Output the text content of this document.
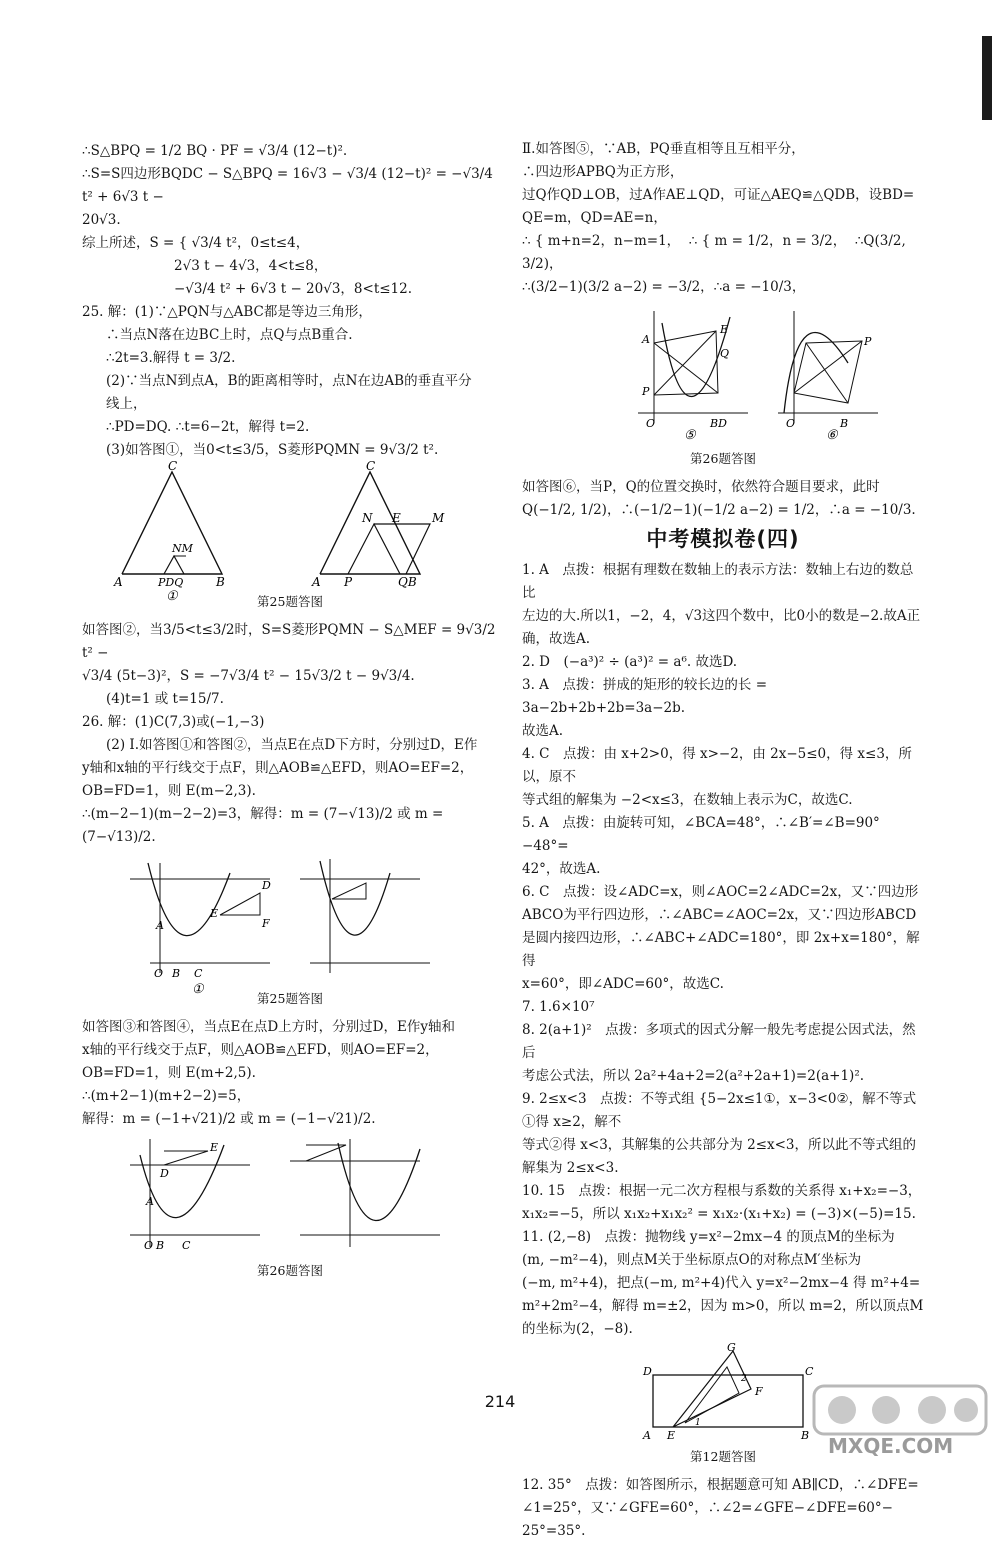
∴S△BPQ = 1/2 BQ · PF = √3/4 (12−t)².

∴S=S四边形BQDC − S△BPQ = 16√3 − √3/4 (12−t)² = −√3/4 t² + 6√3 t −

20√3.

综上所述，S = { √3/4 t²，0≤t≤4，

2√3 t − 4√3，4<t≤8，

−√3/4 t² + 6√3 t − 20√3，8<t≤12.

25. 解：(1)∵△PQN与△ABC都是等边三角形，

∴当点N落在边BC上时，点Q与点B重合.

∴2t=3.解得 t = 3/2.

(2)∵当点N到点A，B的距离相等时，点N在边AB的垂直平分

线上，

∴PD=DQ. ∴t=6−2t，解得 t=2.

(3)如答图①，当0<t≤3/5，S菱形PQMN = 9√3/2 t².

A
C
B
PDQ
NM
①
A P	QB
C
M
N E
第25题答图

如答图②，当3/5<t≤3/2时，S=S菱形PQMN − S△MEF = 9√3/2 t² −

√3/4 (5t−3)²，S = −7√3/4 t² − 15√3/2 t − 9√3/4.

(4)t=1 或 t=15/7.

26. 解：(1)C(7,3)或(−1,−3)

(2) Ⅰ.如答图①和答图②，当点E在点D下方时，分别过D，E作

y轴和x轴的平行线交于点F，則△AOB≌△EFD，则AO=EF=2，

OB=FD=1，则 E(m−2,3).

∴(m−2−1)(m−2−2)=3，解得：m = (7−√13)/2 或 m = (7−√13)/2.

O B C
A
D
E
F
①
第25题答图

如答图③和答图④，当点E在点D上方时，分别过D，E作y轴和

x轴的平行线交于点F，则△AOB≌△EFD，则AO=EF=2，

OB=FD=1，则 E(m+2,5).

∴(m+2−1)(m+2−2)=5，

解得：m = (−1+√21)/2 或 m = (−1−√21)/2.

O B C
A
D
E
第26题答图

Ⅱ.如答图⑤，∵AB，PQ垂直相等且互相平分，

∴四边形APBQ为正方形，

过Q作QD⊥OB，过A作AE⊥QD，可证△AEQ≌△QDB，设BD=

QE=m，QD=AE=n，

∴ { m+n=2，n−m=1，  ∴ { m = 1/2，n = 3/2，  ∴Q(3/2, 3/2)，

∴(3/2−1)(3/2 a−2) = −3/2，∴a = −10/3，

O	BD
A
P
E
Q
⑤
O	B
P
⑥
第26题答图

如答图⑥，当P，Q的位置交换时，依然符合题目要求，此时

Q(−1/2, 1/2)，∴(−1/2−1)(−1/2 a−2) = 1/2，∴a = −10/3.

中考模拟卷(四)

1. A　点拨：根据有理数在数轴上的表示方法：数轴上右边的数总比

左边的大.所以1，−2，4，√3这四个数中，比0小的数是−2.故A正确，故选A.

2. D　(−a³)² ÷ (a³)² = a⁶. 故选D.

3. A　点拨：拼成的矩形的较长边的长 = 3a−2b+2b+2b=3a−2b.

故选A.

4. C　点拨：由 x+2>0，得 x>−2，由 2x−5≤0，得 x≤3，所以，原不

等式组的解集为 −2<x≤3，在数轴上表示为C，故选C.

5. A　点拨：由旋转可知，∠BCA=48°，∴∠B′=∠B=90°−48°=

42°，故选A.

6. C　点拨：设∠ADC=x，则∠AOC=2∠ADC=2x，又∵四边形

ABCO为平行四边形，∴∠ABC=∠AOC=2x，又∵四边形ABCD

是圆内接四边形，∴∠ABC+∠ADC=180°，即 2x+x=180°，解得

x=60°，即∠ADC=60°，故选C.

7. 1.6×10⁷

8. 2(a+1)²　点拨：多项式的因式分解一般先考虑提公因式法，然后

考虑公式法，所以 2a²+4a+2=2(a²+2a+1)=2(a+1)².

9. 2≤x<3　点拨：不等式组 {5−2x≤1①，x−3<0②，解不等式①得 x≥2，解不

等式②得 x<3，其解集的公共部分为 2≤x<3，所以此不等式组的

解集为 2≤x<3.

10. 15　点拨：根据一元二次方程根与系数的关系得 x₁+x₂=−3，

x₁x₂=−5，所以 x₁x₂+x₁x₂² = x₁x₂·(x₁+x₂) = (−3)×(−5)=15.

11. (2,−8)　点拨：抛物线 y=x²−2mx−4 的顶点M的坐标为

(m, −m²−4)，则点M关于坐标原点O的对称点M′坐标为

(−m, m²+4)，把点(−m, m²+4)代入 y=x²−2mx−4 得 m²+4=

m²+2m²−4，解得 m=±2，因为 m>0，所以 m=2，所以顶点M

的坐标为(2，−8).

A E	B
D	C
G
F
1
2
第12题答图

12. 35°　点拨：如答图所示，根据题意可知 AB∥CD，∴∠DFE=

∠1=25°，又∵∠GFE=60°，∴∠2=∠GFE−∠DFE=60°−

25°=35°.

214
MXQE.COM
